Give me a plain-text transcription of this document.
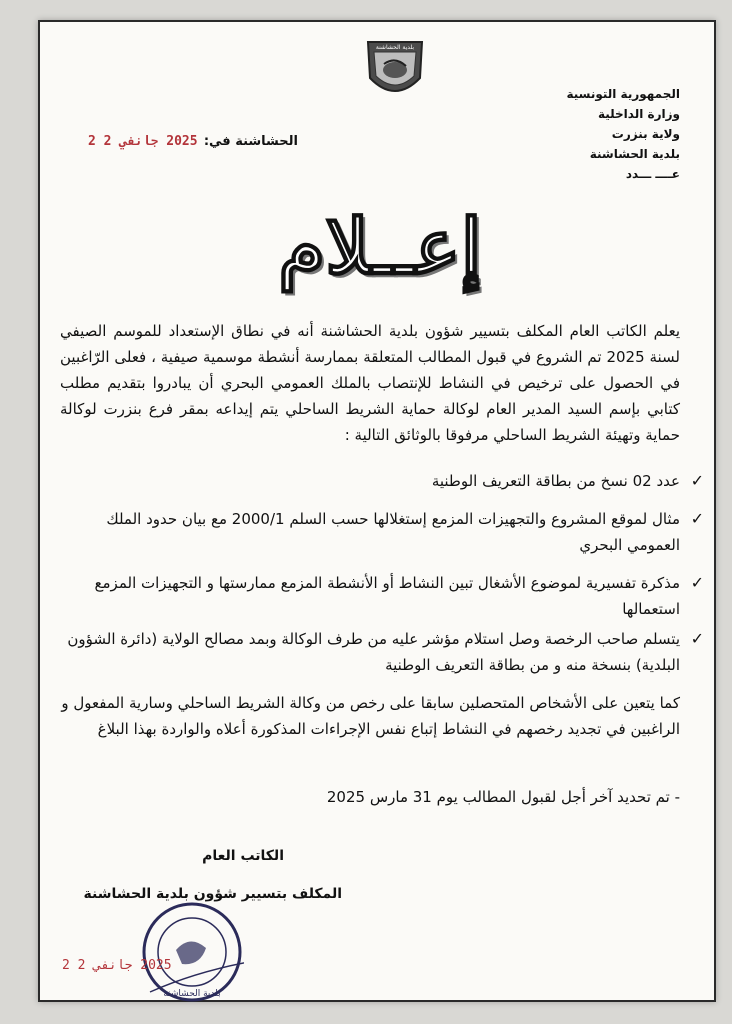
بلدية الحشاشنة
الجمهورية التونسية
وزارة الداخلية
ولاية بنزرت
بلدية الحشاشنة
عــــ ـــدد
الحشاشنة في:
2025 جانفي 2 2
إعــلام
يعلم الكاتب العام المكلف بتسيير شؤون بلدية الحشاشنة أنه في نطاق الإستعداد للموسم الصيفي لسنة 2025 تم الشروع في قبول المطالب المتعلقة بممارسة أنشطة موسمية صيفية ، فعلى الرّاغبين في الحصول على ترخيص في النشاط للإنتصاب بالملك العمومي البحري أن يبادروا بتقديم مطلب كتابي بإسم السيد المدير العام لوكالة حماية الشريط الساحلي يتم إيداعه بمقر فرع بنزرت لوكالة حماية وتهيئة الشريط الساحلي مرفوقا بالوثائق التالية :
عدد 02 نسخ من بطاقة التعريف الوطنية ✓
مثال لموقع المشروع والتجهيزات المزمع إستغلالها حسب السلم 2000/1 مع بيان حدود الملك العمومي البحري
✓
مذكرة تفسيرية لموضوع الأشغال تبين النشاط أو الأنشطة المزمع ممارستها و التجهيزات المزمع استعمالها
✓
يتسلم صاحب الرخصة وصل استلام مؤشر عليه من طرف الوكالة وبمد مصالح الولاية (دائرة الشؤون البلدية) بنسخة منه و من بطاقة التعريف الوطنية
✓
كما يتعين على الأشخاص المتحصلين سابقا على رخص من وكالة الشريط الساحلي وسارية المفعول و الراغبين في تجديد رخصهم في النشاط إتباع نفس الإجراءات المذكورة أعلاه والواردة بهذا البلاغ
- تم تحديد آخر أجل لقبول المطالب يوم 31 مارس 2025
الكاتب العام
المكلف بتسيير شؤون بلدية الحشاشنة
بلدية الحشاشنة
2025 جانفي 2 2
